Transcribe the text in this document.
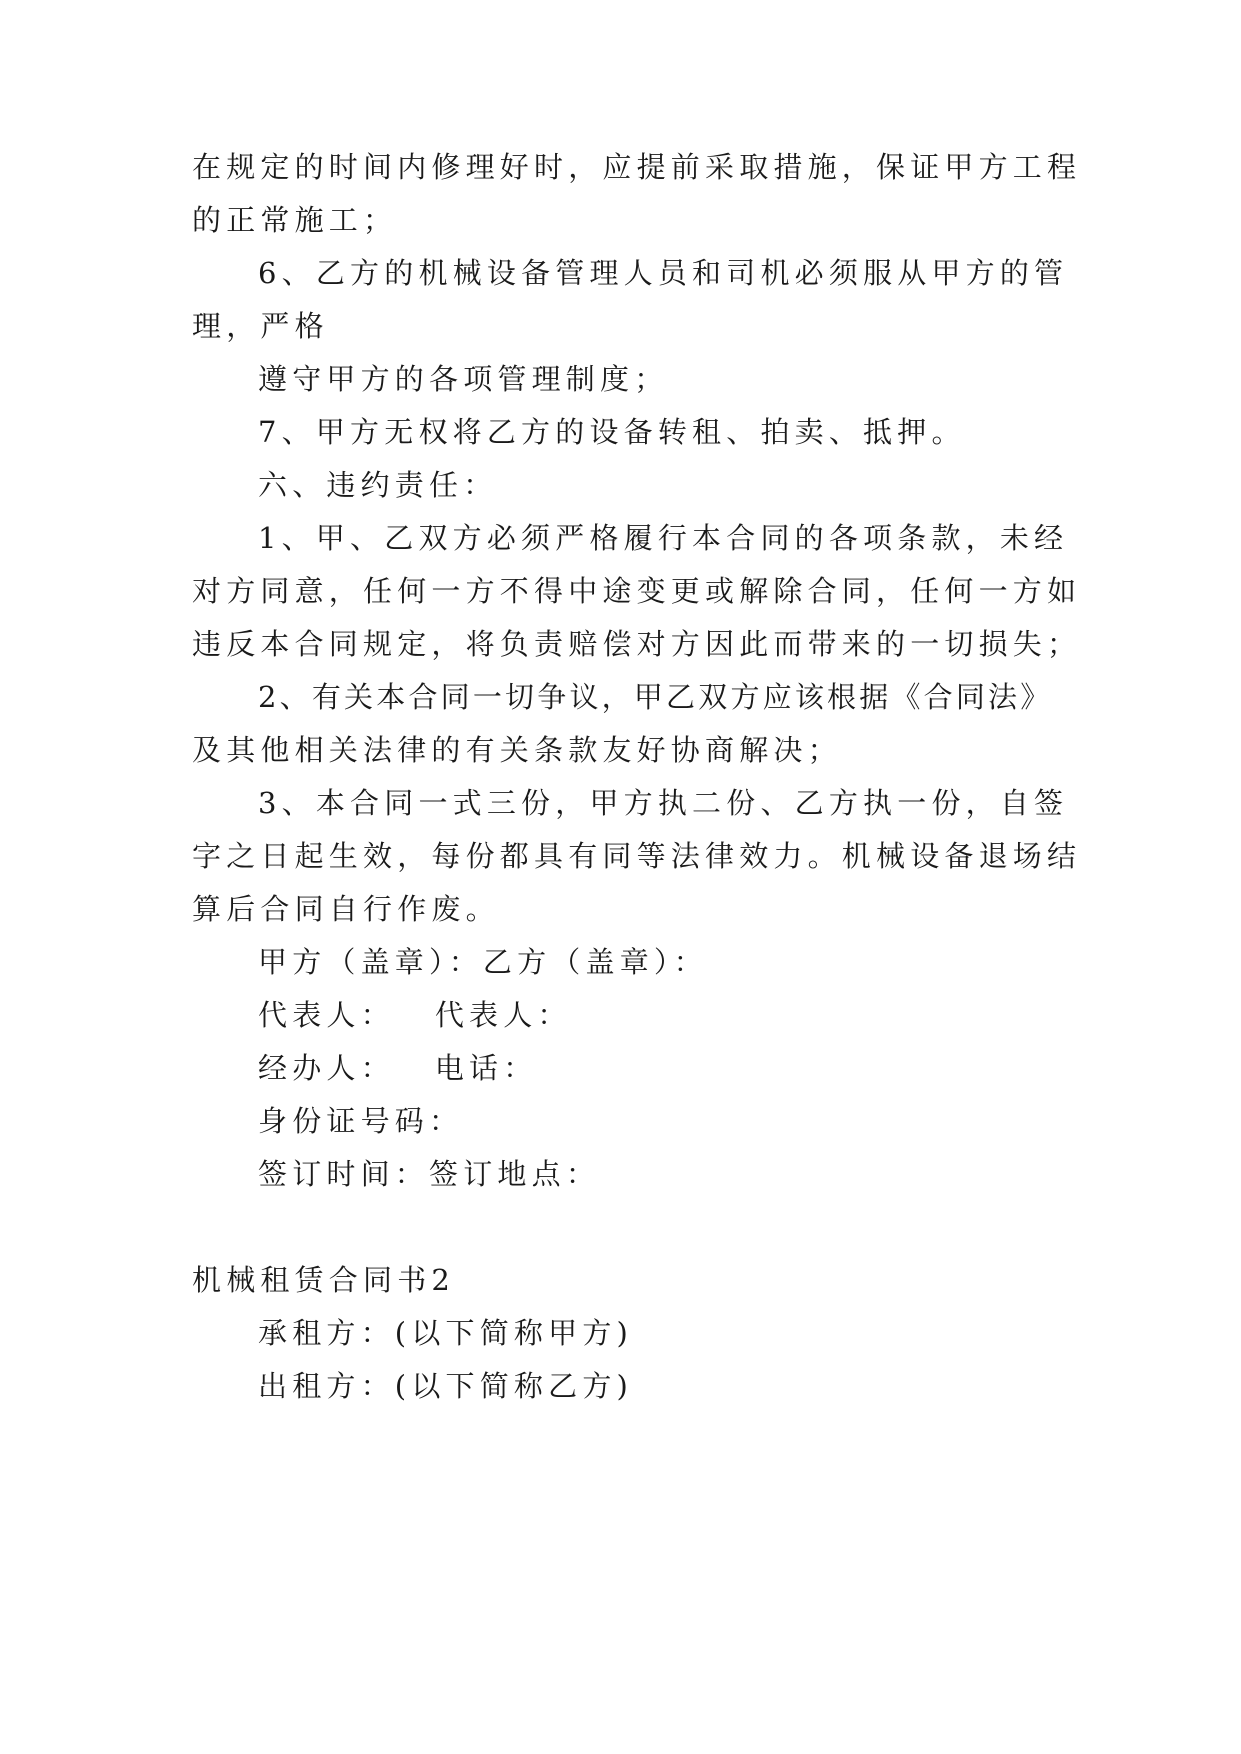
在规定的时间内修理好时，应提前采取措施，保证甲方工程
的正常施工；
6、乙方的机械设备管理人员和司机必须服从甲方的管
理，严格
遵守甲方的各项管理制度；
7、甲方无权将乙方的设备转租、拍卖、抵押。
六、违约责任：
1、甲、乙双方必须严格履行本合同的各项条款，未经
对方同意，任何一方不得中途变更或解除合同，任何一方如
违反本合同规定，将负责赔偿对方因此而带来的一切损失；
2、有关本合同一切争议，甲乙双方应该根据《合同法》
及其他相关法律的有关条款友好协商解决；
3、本合同一式三份，甲方执二份、乙方执一份，自签
字之日起生效，每份都具有同等法律效力。机械设备退场结
算后合同自行作废。
甲方（盖章）：乙方（盖章）：
代表人： 代表人：
经办人： 电话：
身份证号码：
签订时间：签订地点：
机械租赁合同书2
承租方：(以下简称甲方)
出租方：(以下简称乙方)
